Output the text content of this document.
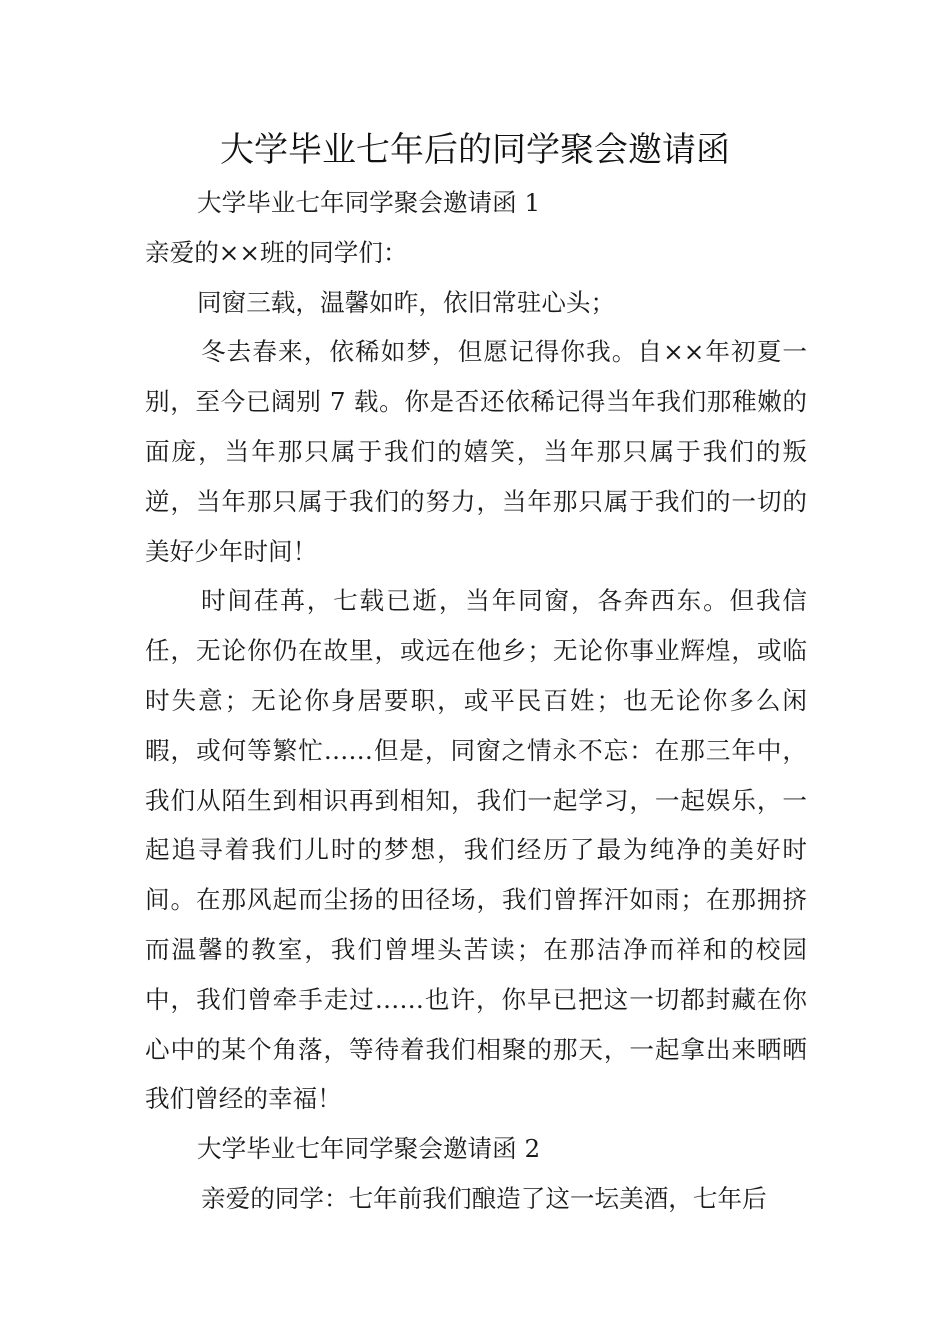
大学毕业七年后的同学聚会邀请函

大学毕业七年同学聚会邀请函 1

亲爱的××班的同学们：

同窗三载，温馨如昨，依旧常驻心头；

冬去春来，依稀如梦，但愿记得你我。自××年初夏一别，至今已阔别 7 载。你是否还依稀记得当年我们那稚嫩的面庞，当年那只属于我们的嬉笑，当年那只属于我们的叛逆，当年那只属于我们的努力，当年那只属于我们的一切的美好少年时间！

时间荏苒，七载已逝，当年同窗，各奔西东。但我信任，无论你仍在故里，或远在他乡；无论你事业辉煌，或临时失意；无论你身居要职，或平民百姓；也无论你多么闲暇，或何等繁忙……但是，同窗之情永不忘：在那三年中，我们从陌生到相识再到相知，我们一起学习，一起娱乐，一起追寻着我们儿时的梦想，我们经历了最为纯净的美好时间。在那风起而尘扬的田径场，我们曾挥汗如雨；在那拥挤而温馨的教室，我们曾埋头苦读；在那洁净而祥和的校园中，我们曾牵手走过……也许，你早已把这一切都封藏在你心中的某个角落，等待着我们相聚的那天，一起拿出来晒晒我们曾经的幸福！

大学毕业七年同学聚会邀请函 2

亲爱的同学：七年前我们酿造了这一坛美酒，七年后
